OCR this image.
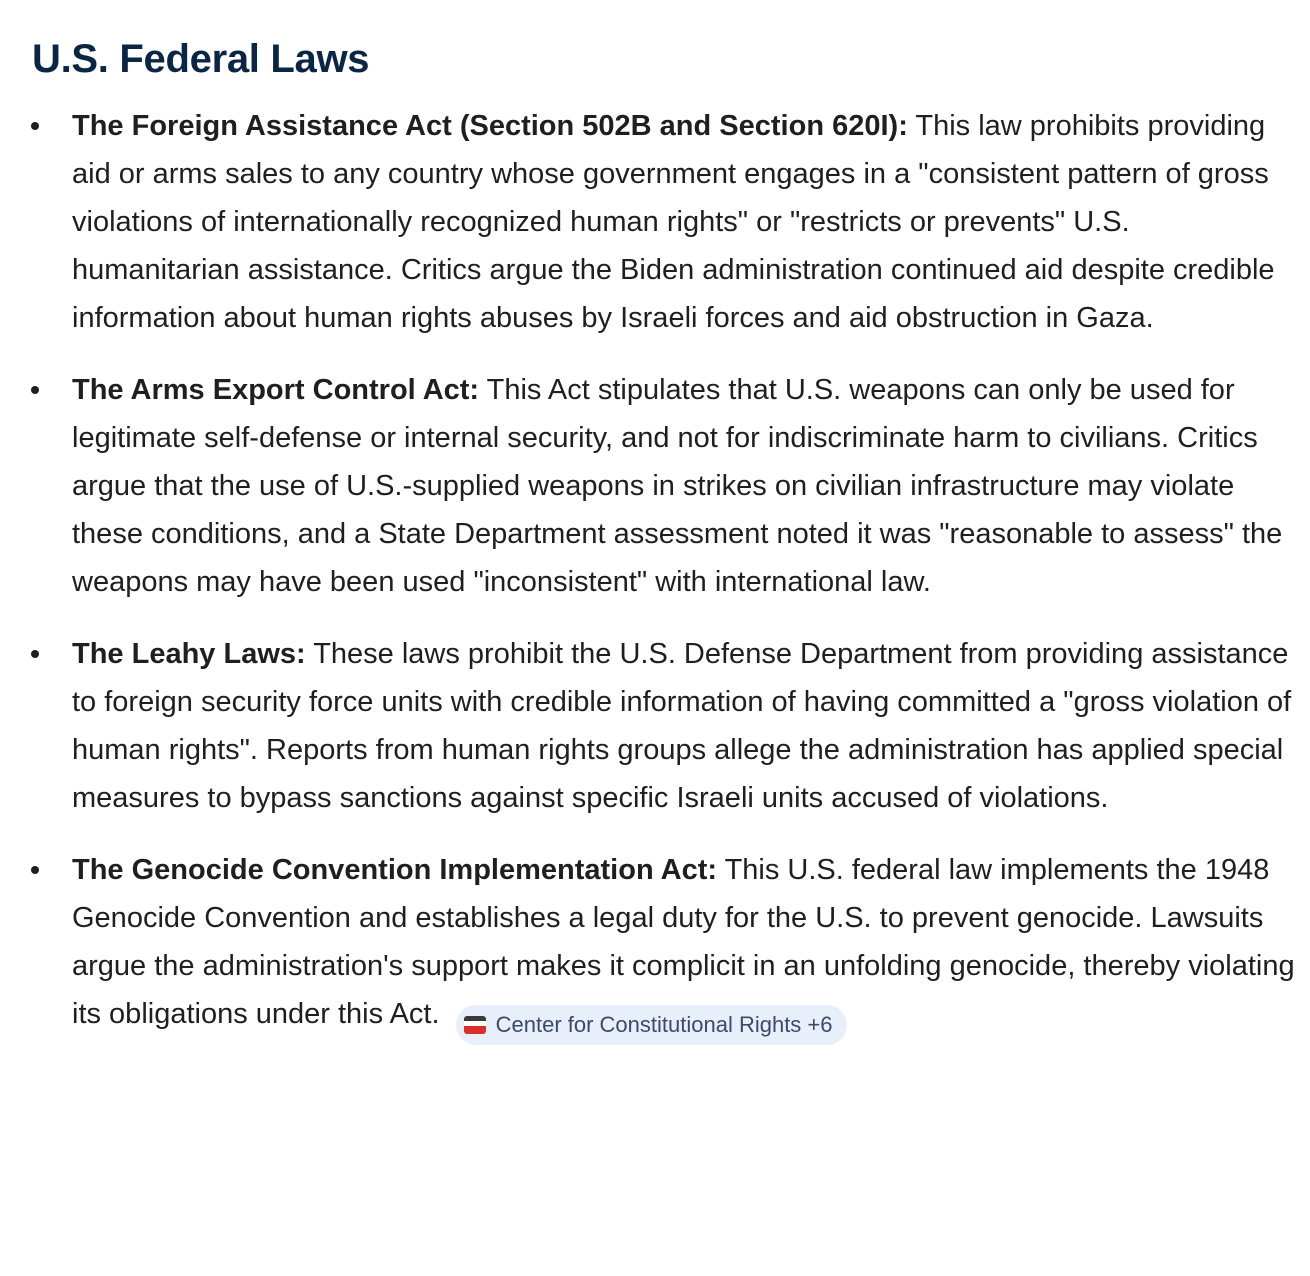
U.S. Federal Laws
The Foreign Assistance Act (Section 502B and Section 620I): This law prohibits providing aid or arms sales to any country whose government engages in a "consistent pattern of gross violations of internationally recognized human rights" or "restricts or prevents" U.S. humanitarian assistance. Critics argue the Biden administration continued aid despite credible information about human rights abuses by Israeli forces and aid obstruction in Gaza.
The Arms Export Control Act: This Act stipulates that U.S. weapons can only be used for legitimate self-defense or internal security, and not for indiscriminate harm to civilians. Critics argue that the use of U.S.-supplied weapons in strikes on civilian infrastructure may violate these conditions, and a State Department assessment noted it was "reasonable to assess" the weapons may have been used "inconsistent" with international law.
The Leahy Laws: These laws prohibit the U.S. Defense Department from providing assistance to foreign security force units with credible information of having committed a "gross violation of human rights". Reports from human rights groups allege the administration has applied special measures to bypass sanctions against specific Israeli units accused of violations.
The Genocide Convention Implementation Act: This U.S. federal law implements the 1948 Genocide Convention and establishes a legal duty for the U.S. to prevent genocide. Lawsuits argue the administration's support makes it complicit in an unfolding genocide, thereby violating its obligations under this Act.	Center for Constitutional Rights +6
